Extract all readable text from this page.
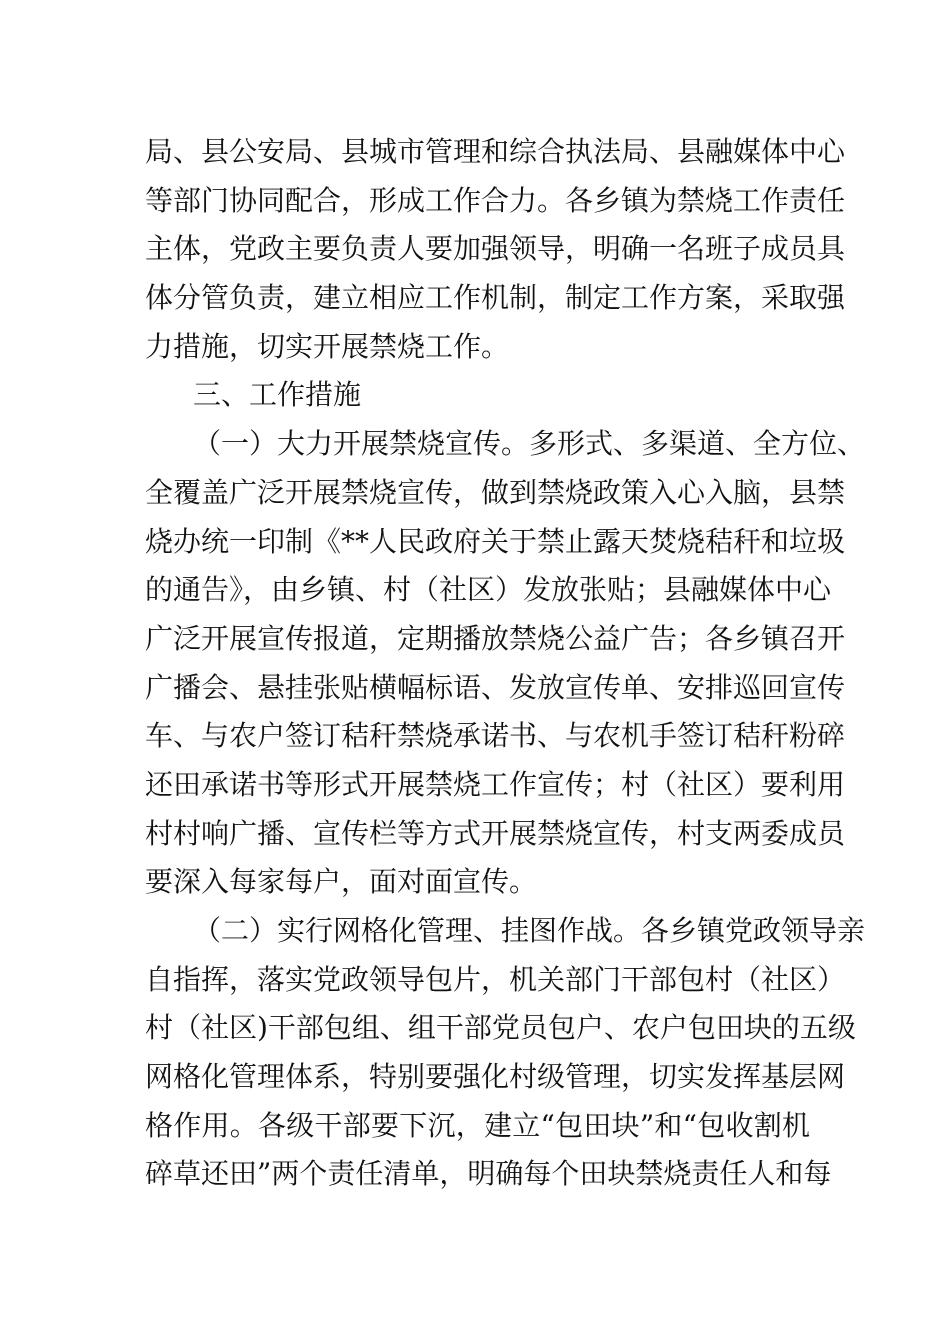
局、县公安局、县城市管理和综合执法局、县融媒体中心
等部门协同配合，形成工作合力。各乡镇为禁烧工作责任
主体，党政主要负责人要加强领导，明确一名班子成员具
体分管负责，建立相应工作机制，制定工作方案，采取强
力措施，切实开展禁烧工作。
三、工作措施
（一）大力开展禁烧宣传。多形式、多渠道、全方位、
全覆盖广泛开展禁烧宣传，做到禁烧政策入心入脑，县禁
烧办统一印制《**人民政府关于禁止露天焚烧秸秆和垃圾
的通告》，由乡镇、村（社区）发放张贴；县融媒体中心
广泛开展宣传报道，定期播放禁烧公益广告；各乡镇召开
广播会、悬挂张贴横幅标语、发放宣传单、安排巡回宣传
车、与农户签订秸秆禁烧承诺书、与农机手签订秸秆粉碎
还田承诺书等形式开展禁烧工作宣传；村（社区）要利用
村村响广播、宣传栏等方式开展禁烧宣传，村支两委成员
要深入每家每户，面对面宣传。
（二）实行网格化管理、挂图作战。各乡镇党政领导亲
自指挥，落实党政领导包片，机关部门干部包村（社区）
村（社区)干部包组、组干部党员包户、农户包田块的五级
网格化管理体系，特别要强化村级管理，切实发挥基层网
格作用。各级干部要下沉，建立“包田块”和“包收割机
碎草还田”两个责任清单，明确每个田块禁烧责任人和每
